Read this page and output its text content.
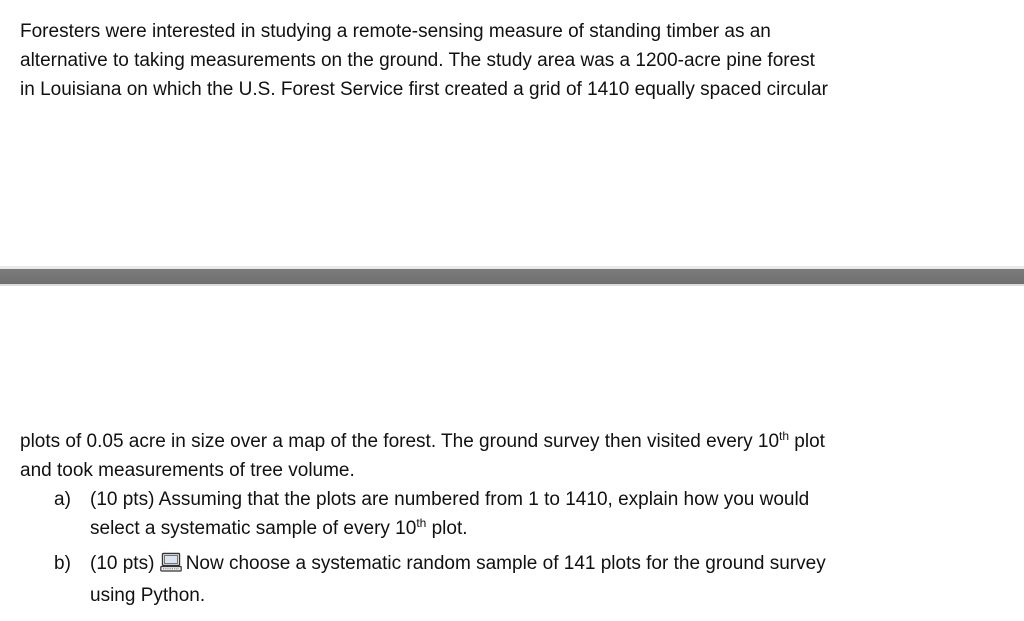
Foresters were interested in studying a remote-sensing measure of standing timber as an
alternative to taking measurements on the ground. The study area was a 1200-acre pine forest
in Louisiana on which the U.S. Forest Service first created a grid of 1410 equally spaced circular

plots of 0.05 acre in size over a map of the forest. The ground survey then visited every 10th plot
and took measurements of tree volume.

a) (10 pts) Assuming that the plots are numbered from 1 to 1410, explain how you would
select a systematic sample of every 10th plot.
b) (10 pts) Now choose a systematic random sample of 141 plots for the ground survey
using Python.
